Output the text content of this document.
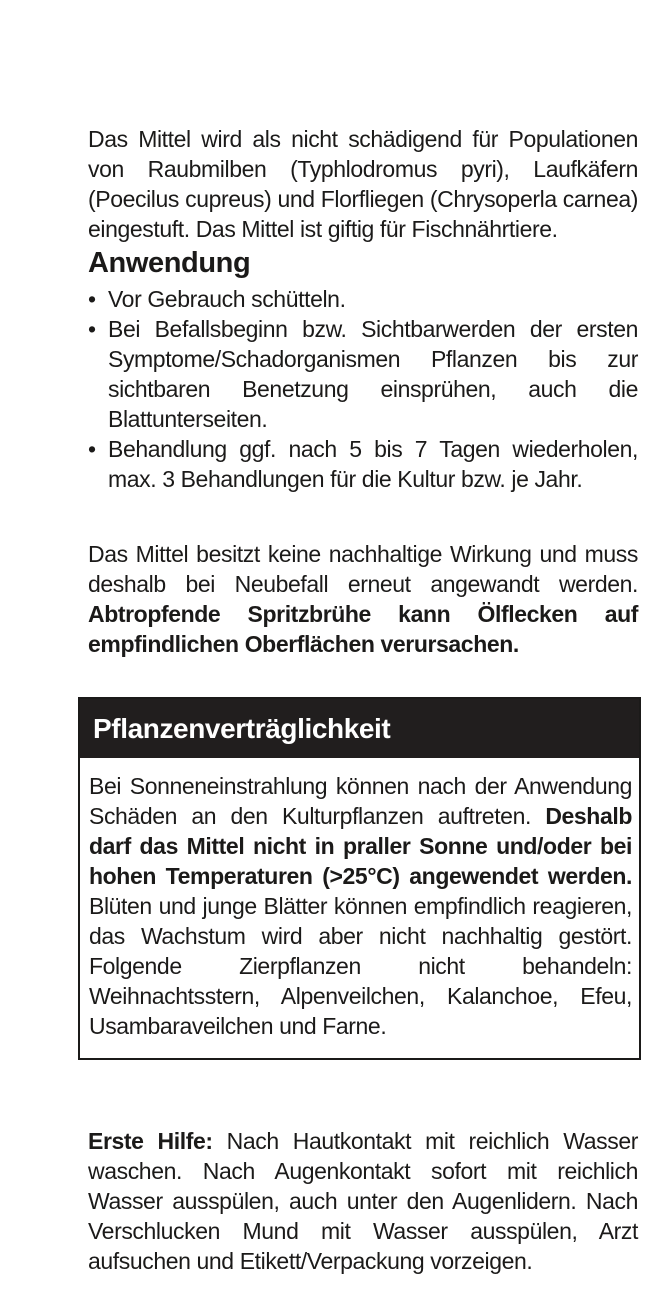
Das Mittel wird als nicht schädigend für Populationen von Raubmilben (Typhlodromus pyri), Laufkäfern (Poecilus cupreus) und Florfliegen (Chrysoperla carnea) eingestuft. Das Mittel ist giftig für Fischnährtiere.

Anwendung
• Vor Gebrauch schütteln.
• Bei Befallsbeginn bzw. Sichtbarwerden der ersten Symptome/Schadorganismen Pflanzen bis zur sichtbaren Benetzung einsprühen, auch die Blattunterseiten.
• Behandlung ggf. nach 5 bis 7 Tagen wiederholen, max. 3 Behandlungen für die Kultur bzw. je Jahr.

Das Mittel besitzt keine nachhaltige Wirkung und muss deshalb bei Neubefall erneut angewandt werden. Abtropfende Spritzbrühe kann Ölflecken auf empfindlichen Oberflächen verursachen.

Pflanzenverträglichkeit

Bei Sonneneinstrahlung können nach der Anwendung Schäden an den Kulturpflanzen auftreten. Deshalb darf das Mittel nicht in praller Sonne und/oder bei hohen Temperaturen (>25°C) angewendet werden. Blüten und junge Blätter können empfindlich reagieren, das Wachstum wird aber nicht nachhaltig gestört. Folgende Zierpflanzen nicht behandeln: Weihnachtsstern, Alpenveilchen, Kalanchoe, Efeu, Usambaraveilchen und Farne.

Erste Hilfe: Nach Hautkontakt mit reichlich Wasser waschen. Nach Augenkontakt sofort mit reichlich Wasser ausspülen, auch unter den Augenlidern. Nach Verschlucken Mund mit Wasser ausspülen, Arzt aufsuchen und Etikett/Verpackung vorzeigen.
